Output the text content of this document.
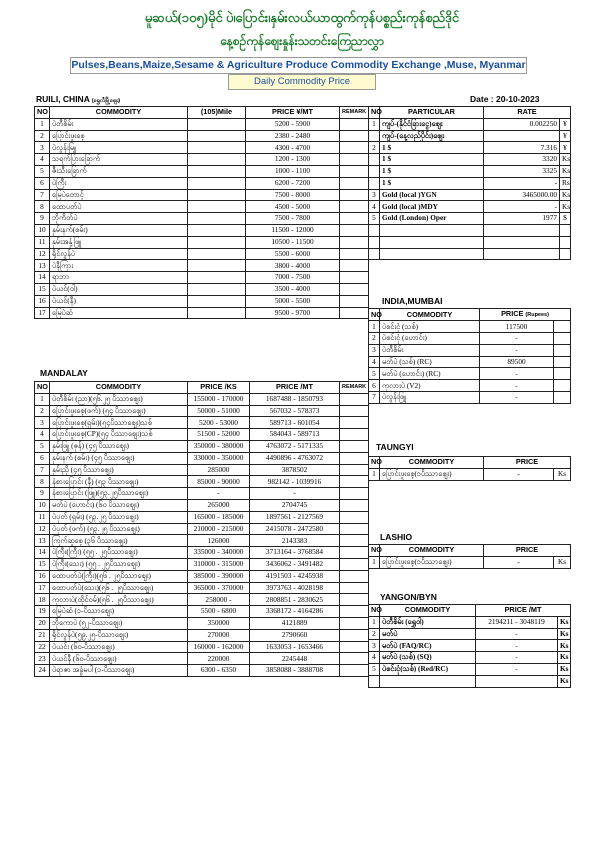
မူဆယ်(၁၀၅)မိုင် ပဲ၊ပြောင်း၊နှမ်းလယ်ယာထွက်ကုန်ပစ္စည်းကုန်စည်ဒိုင်
နေ့စဉ်ကုန်ဈေးနှုန်းသတင်းကြေညာလွှာ
Pulses,Beans,Maize,Sesame & Agriculture Produce Commodity Exchange ,Muse, Myanmar
Daily Commodity Price
RUILI, CHINA (ရွှေလီမြို့ဈေး)	Date : 20-10-2023
NO	COMMODITY	(105)Mile	PRICE ¥/MT	REMARK
1	ပဲတီစိမ်း		5200 - 5900	
2	ပြောင်းဖူးစေ့		2380 - 2480	
3	ပဲလွန်းမြူ		4300 - 4700	
4	သရက်ပြားခြောက်		1200 - 1300	
5	ဇီးသီးခြောက်		1000 - 1100	
6	ပဲကြီး		6200 - 7200	
7	မြေပဲတောင့်		7500 - 8000	
8	ထောပတ်ပဲ		4500 - 5000	
9	ဘိုကိတ်ပဲ		7500 - 7800	
10	နှမ်းနက်(စမ်း)		11500 - 12000	
11	နှမ်းအနှံ့ဖြူ		10500 - 11500	
12	ရိုင်လွန်ပဲ		5500 - 6000	
13	ပဲနီကြား		3800 - 4000	
14	ရာဘာ		7000 - 7500	
15	ပဲယင်(ဝါ)		3500 - 4000	
16	ပဲယင်(နီ)		5000 - 5500	
17	မြေပဲဆံ		9500 - 9700	
NO	PARTICULAR	RATE	
1	ကျပ်-(နိုင်ငံခြားငွေ)ဈေး	0.002250	¥
	ကျပ်-(နေ့လည်ပိုင်း)ဈေး		¥
2	1 $	7.316	¥
	1 $	3320	Ks
	1 $	3325	Ks
	1 $	-	Rs
3	Gold (local )YGN	3465000.00	Ks
4	Gold (local )MDY	-	Ks
5	Gold (London) Oper	1977	$

INDIA,MUMBAI
NO	COMMODITY	PRICE (Rupees)	
1	ပဲစင်းငုံ (သစ်)	117500	
2	ပဲစင်းငုံ (ဟောင်း)	-	
3	ပဲတီစိမ်း	-	
4	မတ်ပဲ (သစ်) (RC)	89500	
5	မတ်ပဲ (ဟောင်း) (RC)	-	
6	ကုလားပဲ (V2)	-	
7	ပဲလွန်းဖြူ	-	
TAUNGYI
NO	COMMODITY	PRICE	
1	ပြောင်းဖူးစေ့(၁ပိဿာဈေး)	-	Ks
LASHIO
NO	COMMODITY	PRICE	
1	ပြောင်းဖူးစေ့(၁ပိဿာဈေး)	-	Ks
YANGON/BYN
NO	COMMODITY	PRICE /MT	
1	ပဲတီစိမ်း (ရွှေဝါ)	2194211 - 3048119	Ks
2	မတ်ပဲ	-	Ks
3	မတ်ပဲ (FAQ/RC)	-	Ks
4	မတ်ပဲ (သစ်) (SQ)	-	Ks
5	ပဲစင်းငုံ(သစ်) (Red/RC)	-	Ks
			Ks
MANDALAY
NO	COMMODITY	PRICE /KS	PRICE /MT	REMARK
1	ပဲတီစိမ်း (ညာ)(၅၆.၂၅ ပိဿာဈေး)	155000 - 170000	1687488 - 1850793	
2	ပြောင်းဖူးစေ့(ဖက်) (၅၄ ပိဿာဈေး)	50000 - 51000	567032 - 578373	
3	ပြောင်းဖူးစေ့(ရှမ်း)(၅၄ပိဿာဈေး)သစ်	5200 - 53000	589713 - 601054	
4	ပြောင်းဖူးစေ့(CP)(၅၄ ပိဿာဈေး)သစ်	51500 - 52000	584043 - 589713	
5	နှမ်းဖြူ (ဇုန်) (၄၅ ပိဿာဈေး)	350000 - 380000	4763072 - 5171335	
6	နှမ်းနက် (စမ်း) (၄၅ ပိဿာဈေး)	330000 - 350000	4490896 - 4763072	
7	နှမ်းညို (၄၅ ပိဿာဈေး)	285000	3878502	
8	နံစားပြောင်း (နီ) (၅၃ ပိဿာဈေး)	85000 - 90000	982142 - 1039916	
9	နံစားပြောင်း (ဖြူ)(၅၃.၂၅ပိဿာဈေး)	-	-	
10	မတ်ပဲ (ဟောင်း) (၆၀ ပိဿာဈေး)	265000	2704745	
11	ပဲပုတ် (ရှမ်း) (၅၃.၂၅ ပိဿာဈေး)	165000 - 185000	1897561 - 2127569	
12	ပဲပုတ် (ဖက်) (၅၃.၂၅ ပိဿာဈေး)	210000 - 215000	2415078 - 2472580	
13	ကြက်ဆူစေ့ (၃၆ ပိဿာဈေး)	126000	2143383	
14	ပဲကြီး(ကြီး) (၅၅ . ၂၅ပိဿာဈေး)	335000 - 340000	3713164 - 3768584	
15	ပဲကြီး(သေး) (၅၅ . ၂၅ပိဿာဈေး)	310000 - 315000	3436062 - 3491482	
16	ထောပတ်ပဲ(ကြီး)(၅၆ . ၂၅ပိဿာဈေး)	385000 - 390000	4191503 - 4245938	
17	ထောပတ်ပဲ(သေး)(၅၆ . ၂၅ပိဿာဈေး)	365000 - 370000	3973763 - 4028198	
18	ကုလားပဲ(ထိုင်ဝမ်)(၅၆ . ၂၅ပိဿာဈေး)	258000 -	2808851 - 2830625	
19	မြေပဲဆံ (၁-ပိဿာဈေး)	5500 - 6800	3368172 - 4164286	
20	ဘိုကောပဲ (၅၂-ပိဿာဈေး)	350000	4121889	
21	ရိုင်လွန်ပဲ(၅၉.၂၅-ပိဿာဈေး)	270000	2790660	
22	ပဲယင်း (၆၀-ပိဿာဈေး)	160000 - 162000	1633053 - 1653466	
23	ပဲယင်နီ (၆၀-ပိဿာဈေး)	220000	2245448	
24	ပဲရာဇာ အခွံမပါ (၁-ပိဿာဈေး)	6300 - 6350	3858088 - 3888708	
